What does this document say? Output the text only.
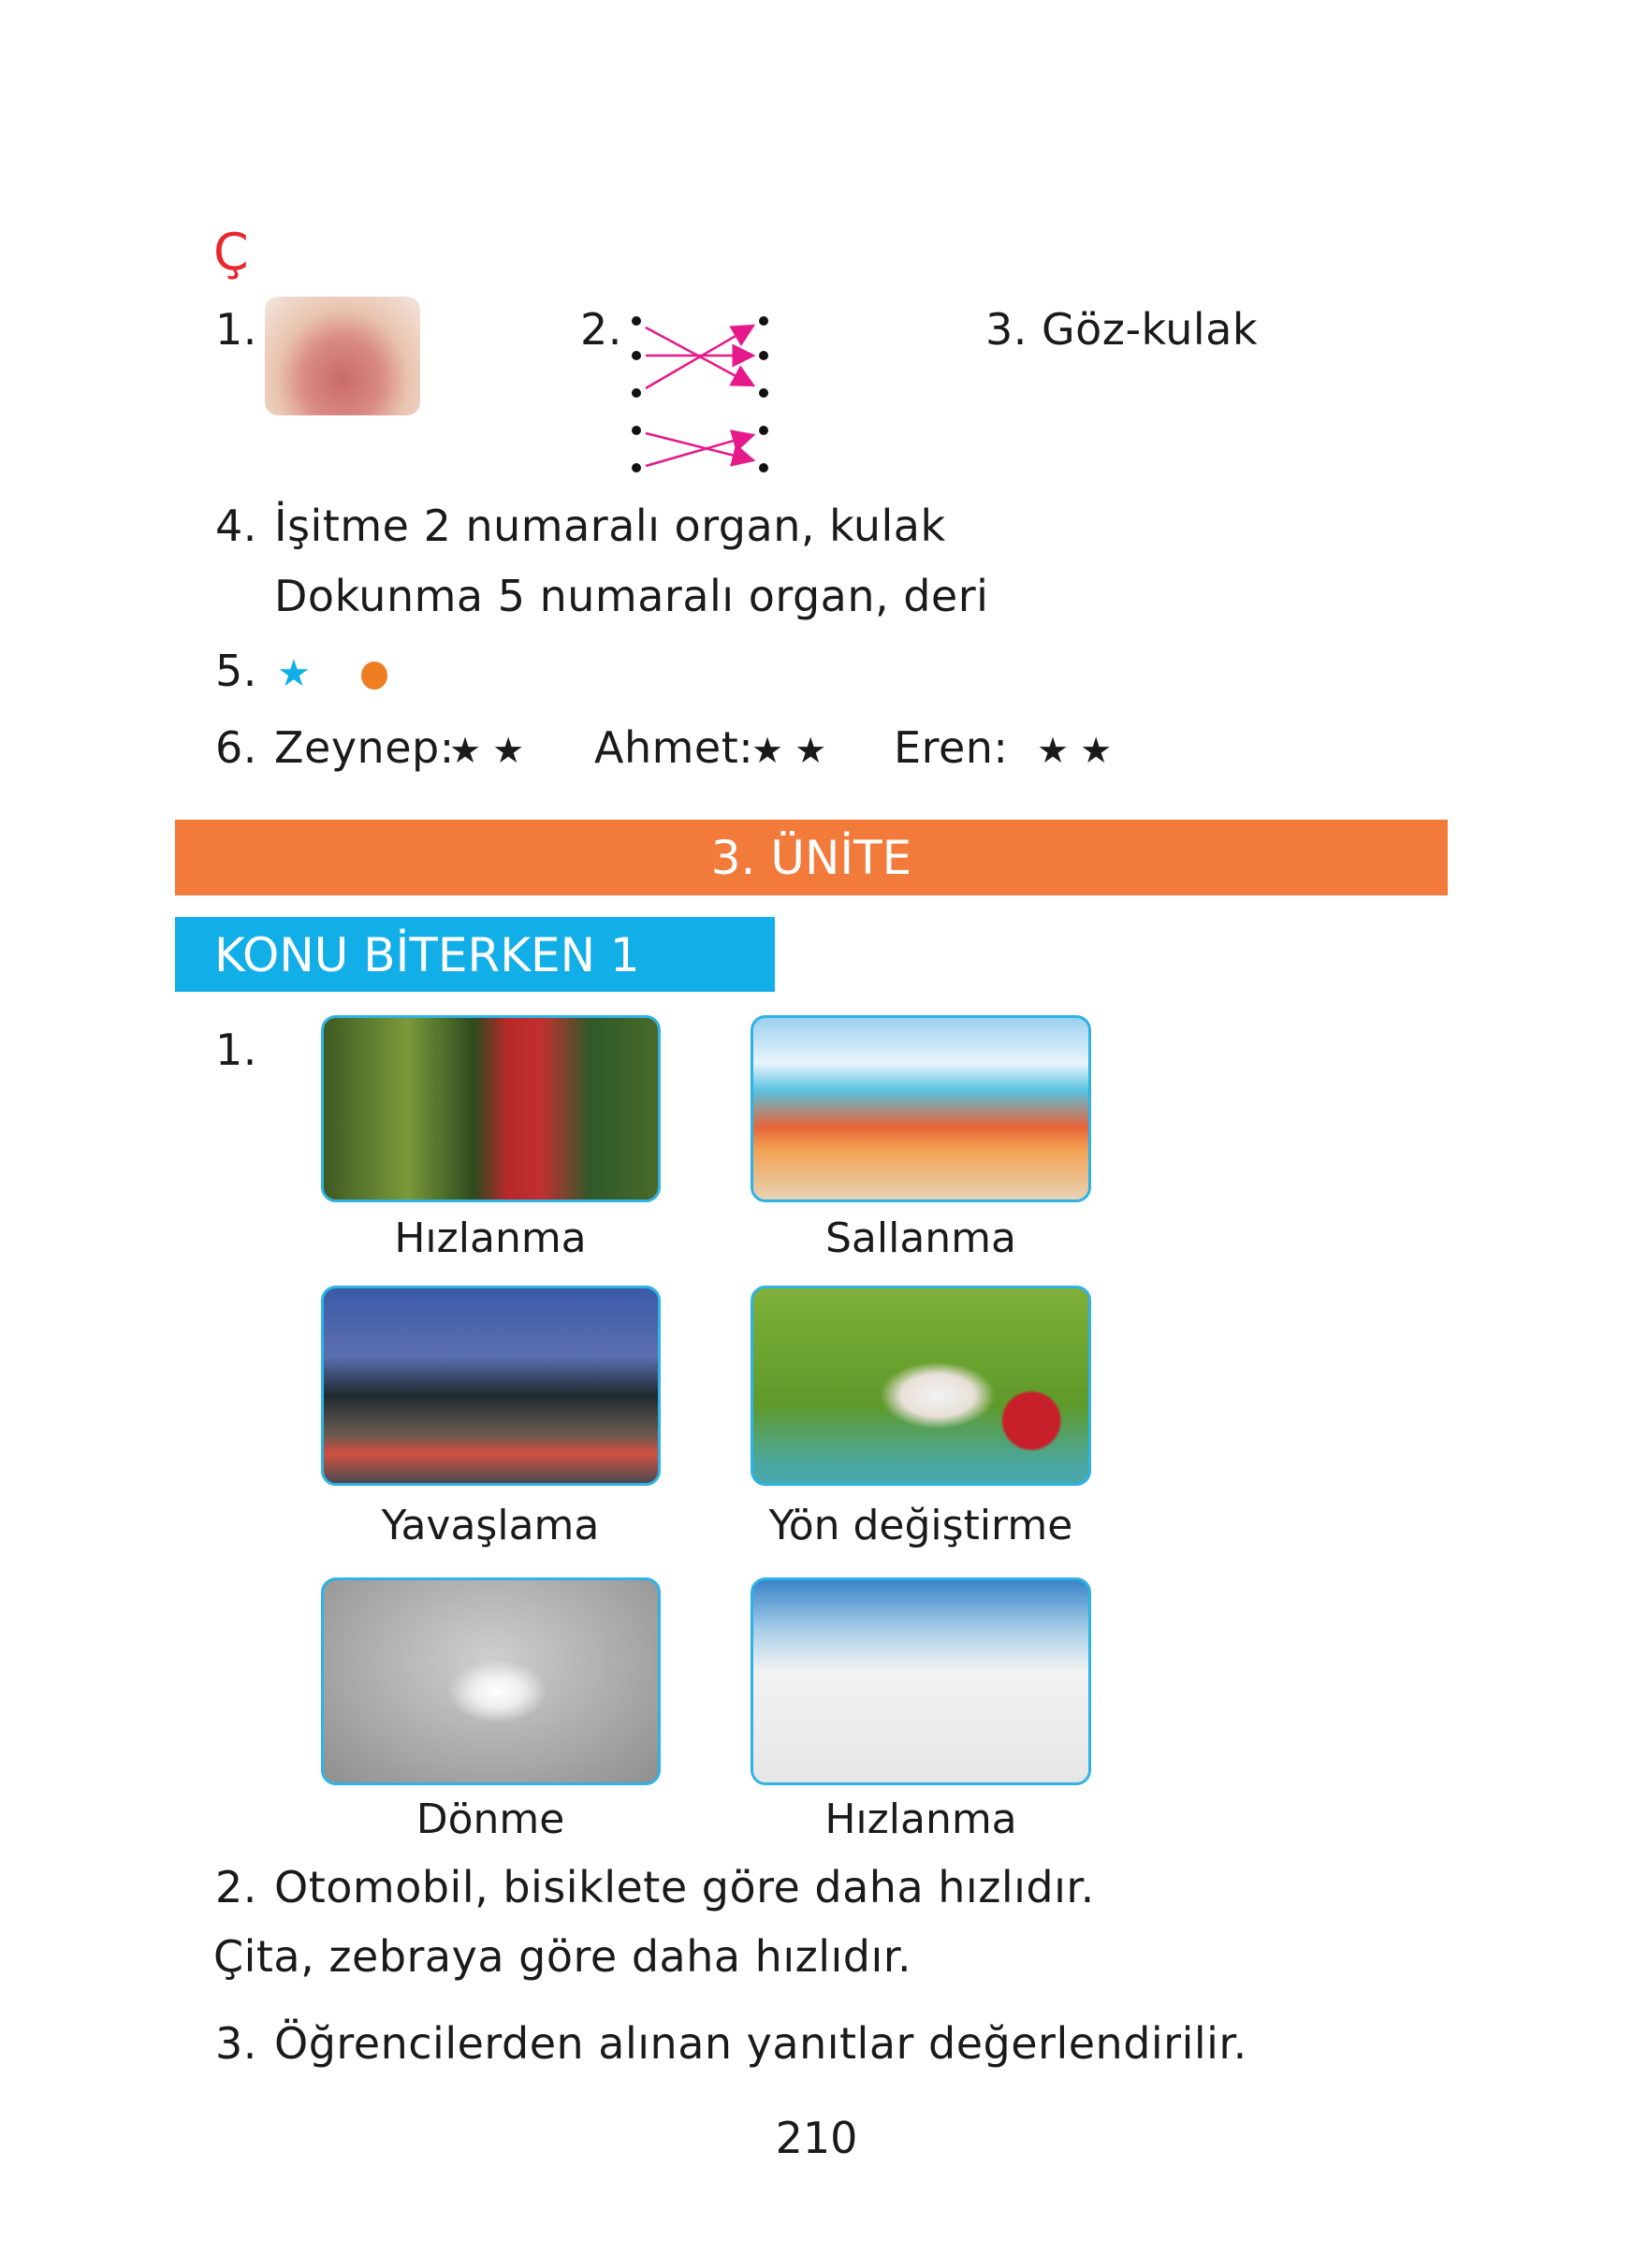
Ç
1.	2.	3. Göz-kulak
4. İşitme 2 numaralı organ, kulak
Dokunma 5 numaralı organ, deri
5. ★
6. Zeynep:
★ ★ Ahmet:
★ ★ Eren: ★ ★
3. ÜNİTE
KONU BİTERKEN 1
1.
Hızlanma	Sallanma
Yavaşlama	Yön değiştirme
Dönme	Hızlanma
2. Otomobil, bisiklete göre daha hızlıdır.
Çita, zebraya göre daha hızlıdır.
3. Öğrencilerden alınan yanıtlar değerlendirilir.
210
